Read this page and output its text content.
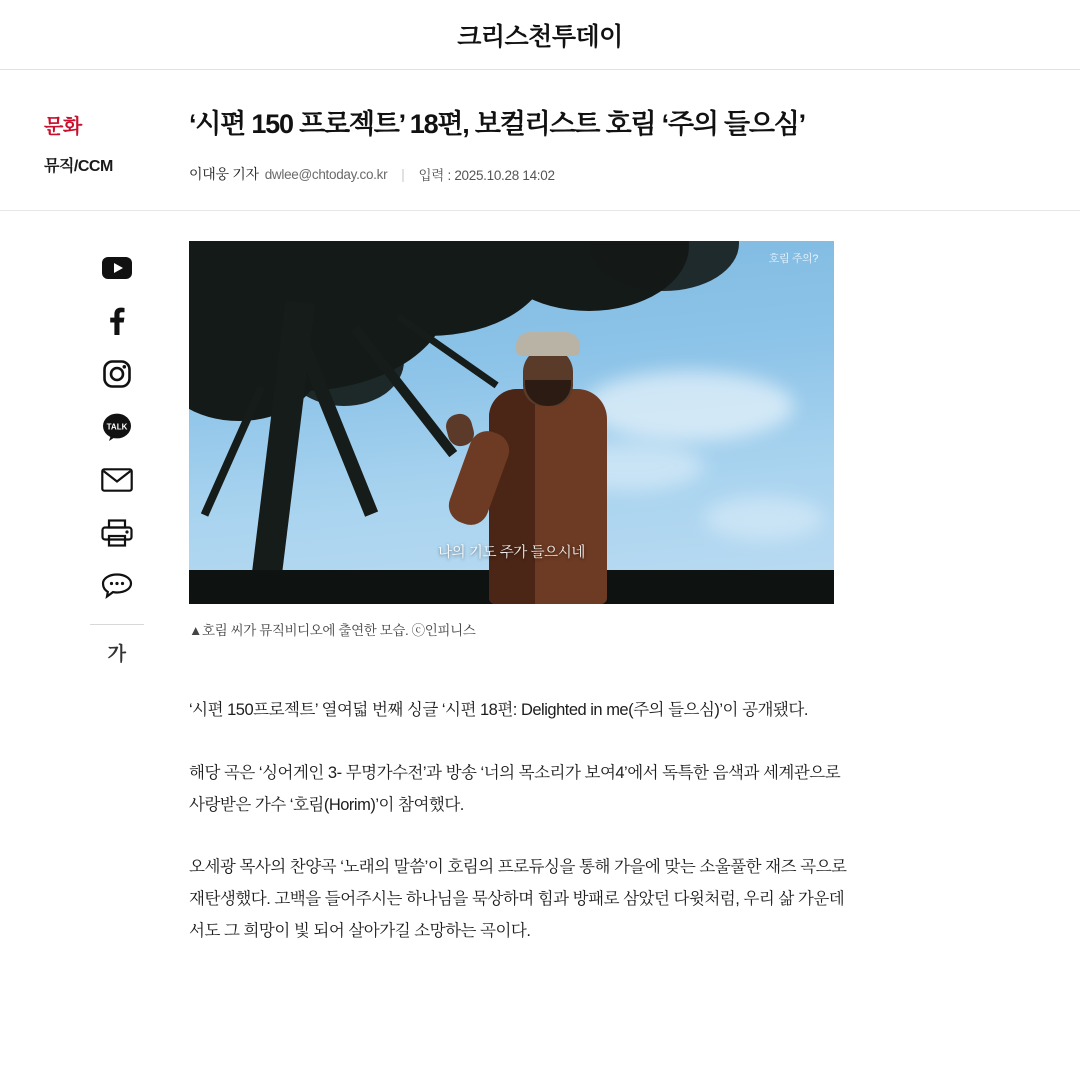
크리스천투데이
문화
뮤직/CCM
‘시편 150 프로젝트’ 18편, 보컬리스트 호림 ‘주의 들으심’
이대웅 기자 dwlee@chtoday.co.kr | 입력 : 2025.10.28 14:02
TALK
가
호림 주의?
나의 기도 주가 들으시네
▲호림 씨가 뮤직비디오에 출연한 모습. ⓒ인피니스

‘시편 150프로젝트’ 열여덟 번째 싱글 ‘시편 18편: Delighted in me(주의 들으심)’이 공개됐다.

해당 곡은 ‘싱어게인 3- 무명가수전’과 방송 ‘너의 목소리가 보여4’에서 독특한 음색과 세계관으로 사랑받은 가수 ‘호림(Horim)’이 참여했다.

오세광 목사의 찬양곡 ‘노래의 말씀’이 호림의 프로듀싱을 통해 가을에 맞는 소울풀한 재즈 곡으로 재탄생했다. 고백을 들어주시는 하나님을 묵상하며 힘과 방패로 삼았던 다윗처럼, 우리 삶 가운데서도 그 희망이 빛 되어 살아가길 소망하는 곡이다.
